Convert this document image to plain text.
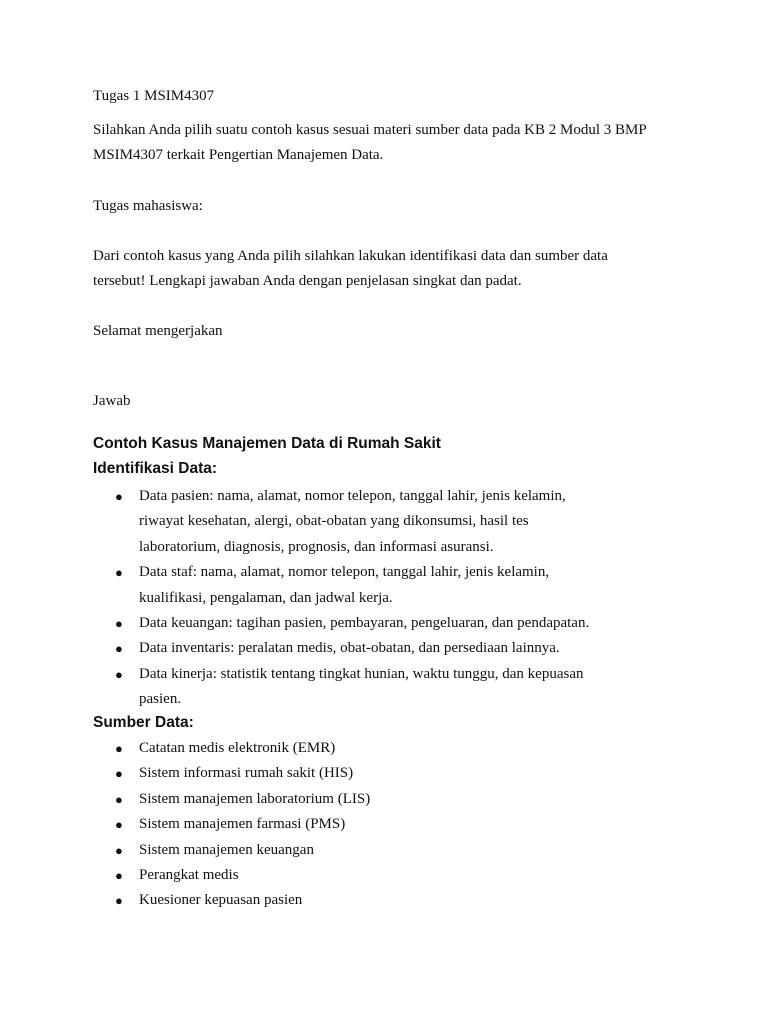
Tugas 1 MSIM4307

Silahkan Anda pilih suatu contoh kasus sesuai materi sumber data pada KB 2 Modul 3 BMP

MSIM4307 terkait Pengertian Manajemen Data.

Tugas mahasiswa:

Dari contoh kasus yang Anda pilih silahkan lakukan identifikasi data dan sumber data

tersebut! Lengkapi jawaban Anda dengan penjelasan singkat dan padat.

Selamat mengerjakan

Jawab

Contoh Kasus Manajemen Data di Rumah Sakit

Identifikasi Data:

● Data pasien: nama, alamat, nomor telepon, tanggal lahir, jenis kelamin,
riwayat kesehatan, alergi, obat-obatan yang dikonsumsi, hasil tes
laboratorium, diagnosis, prognosis, dan informasi asuransi.
● Data staf: nama, alamat, nomor telepon, tanggal lahir, jenis kelamin,
kualifikasi, pengalaman, dan jadwal kerja.
● Data keuangan: tagihan pasien, pembayaran, pengeluaran, dan pendapatan.
● Data inventaris: peralatan medis, obat-obatan, dan persediaan lainnya.
● Data kinerja: statistik tentang tingkat hunian, waktu tunggu, dan kepuasan
pasien.

Sumber Data:

● Catatan medis elektronik (EMR)
● Sistem informasi rumah sakit (HIS)
● Sistem manajemen laboratorium (LIS)
● Sistem manajemen farmasi (PMS)
● Sistem manajemen keuangan
● Perangkat medis
● Kuesioner kepuasan pasien
